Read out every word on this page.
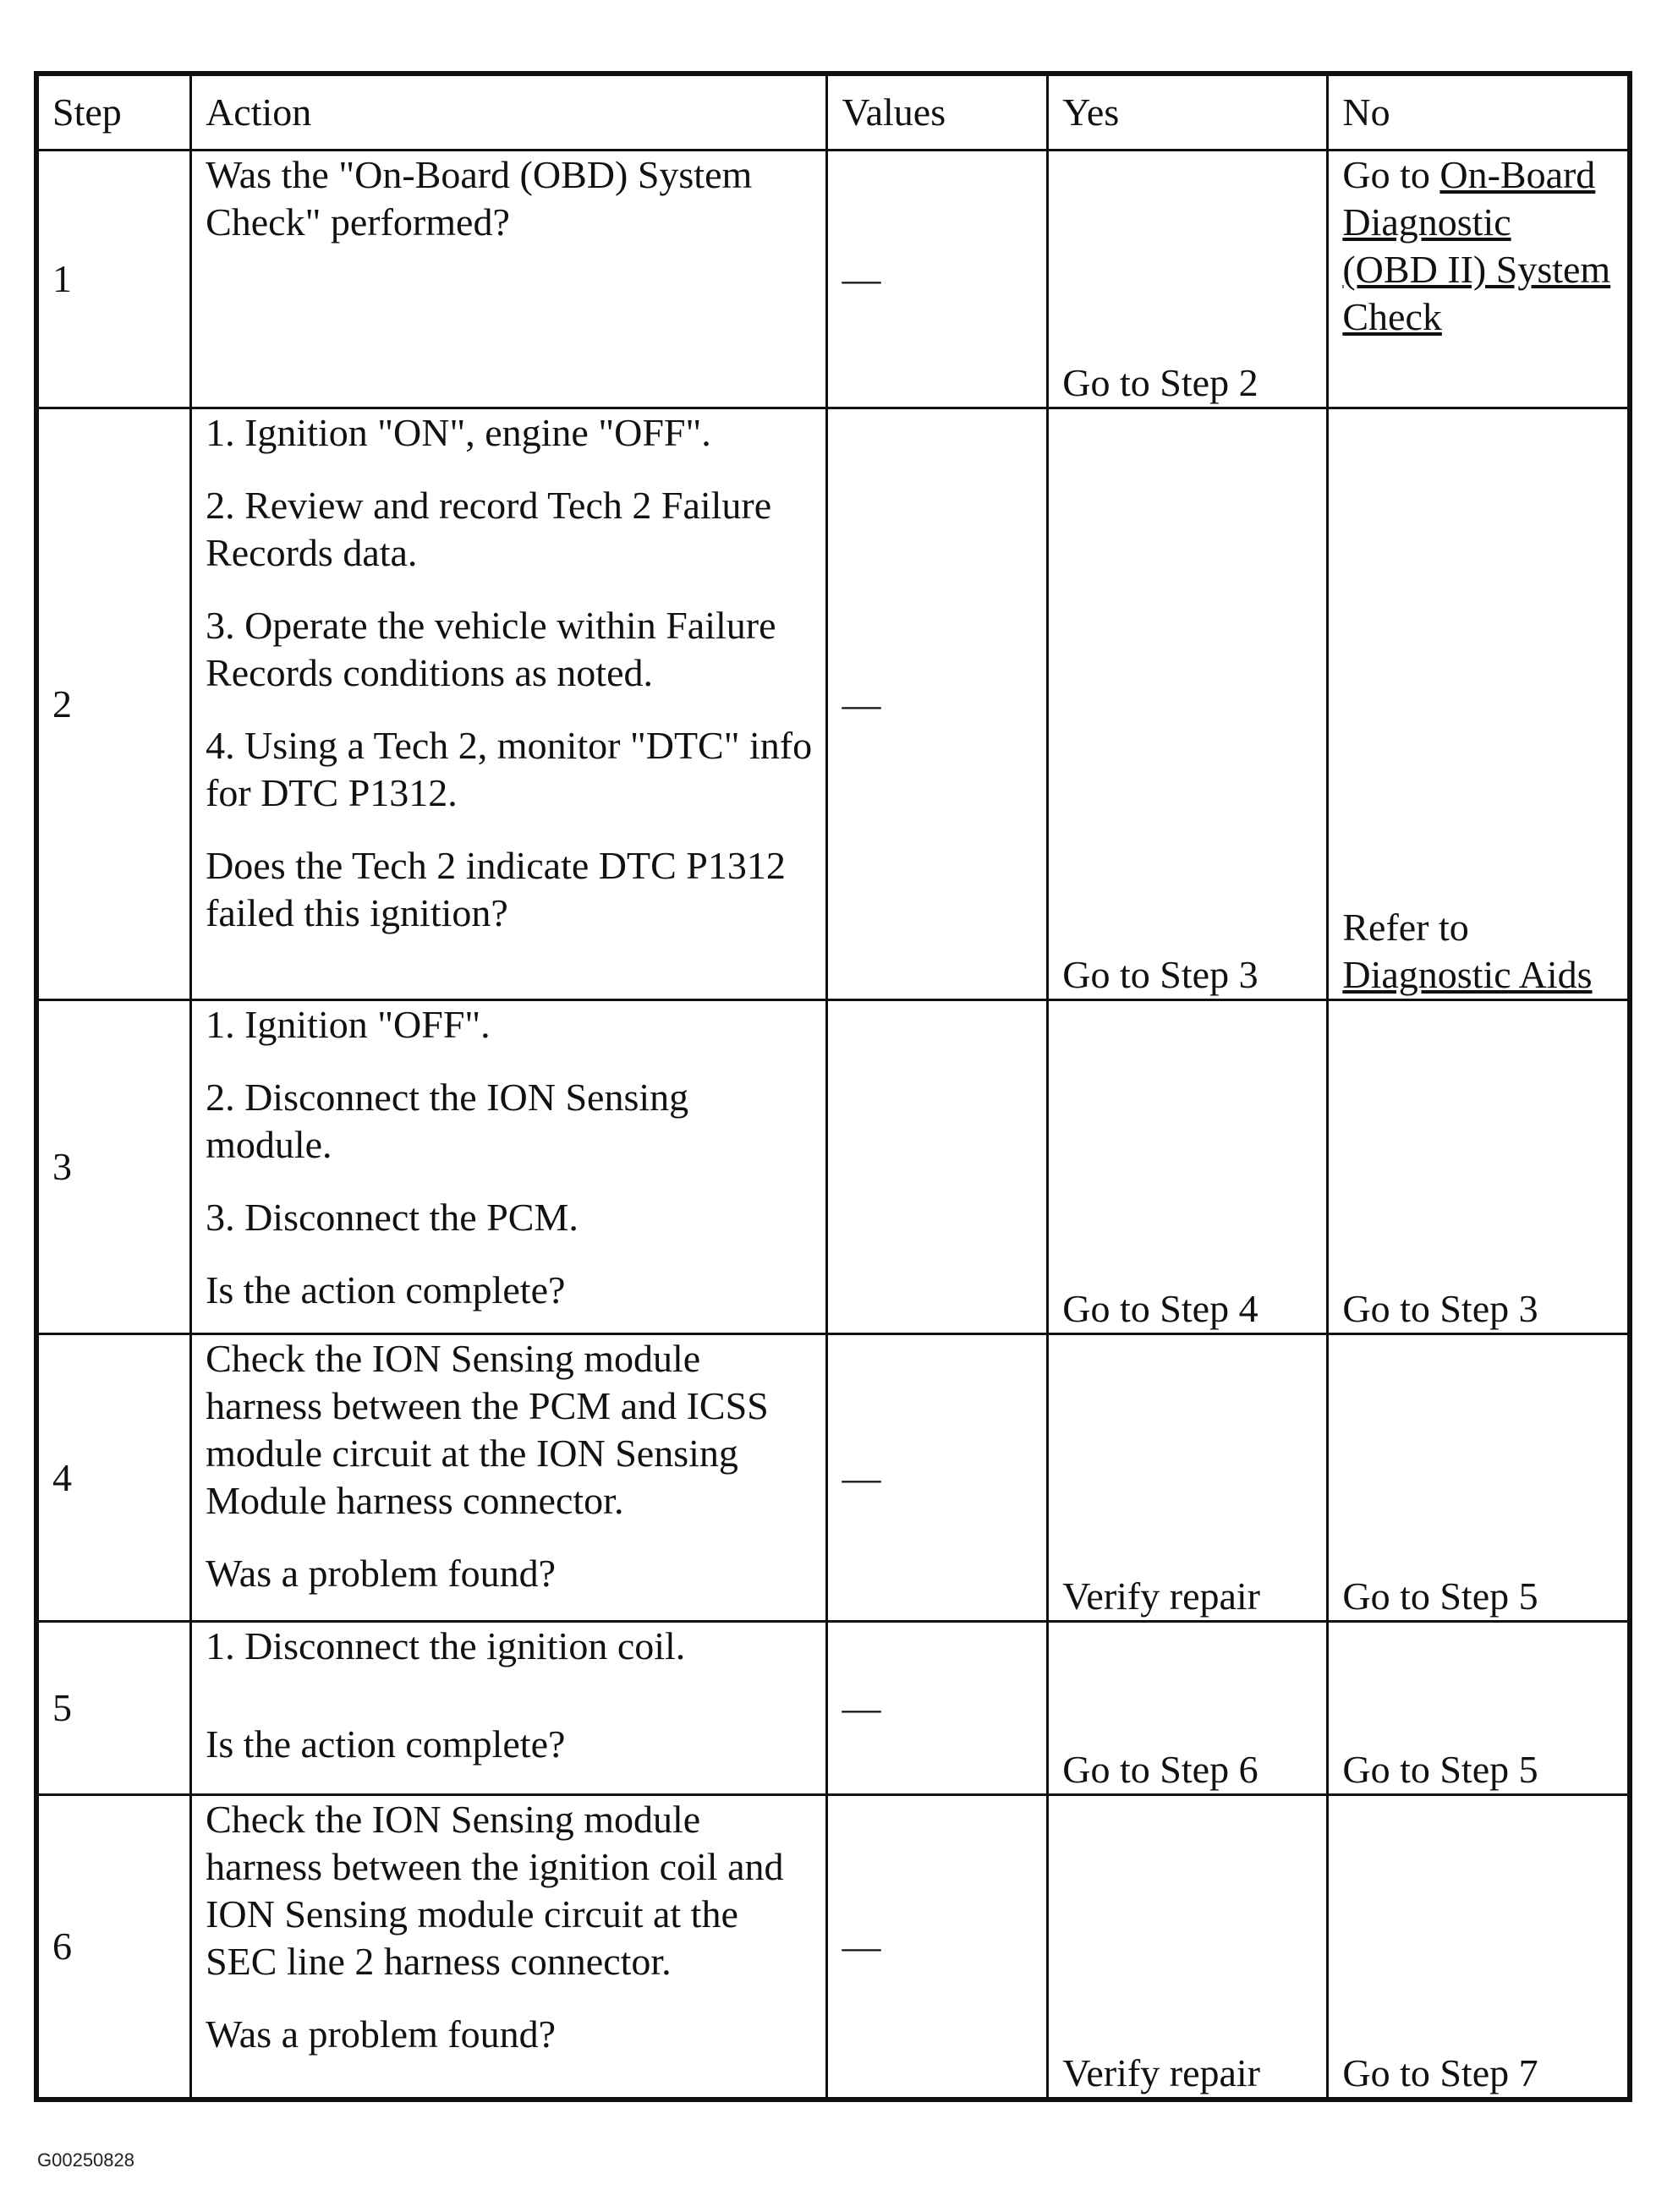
Step	Action	Values	Yes	No
1	Was the "On-Board (OBD) System Check" performed?	—	Go to Step 2	Go to On-Board Diagnostic (OBD II) System Check
2	1. Ignition "ON", engine "OFF".

2. Review and record Tech 2 Failure Records data.

3. Operate the vehicle within Failure Records conditions as noted.

4. Using a Tech 2, monitor "DTC" info for DTC P1312.

Does the Tech 2 indicate DTC P1312 failed this ignition?	—	Go to Step 3	Refer to Diagnostic Aids
3	1. Ignition "OFF".

2. Disconnect the ION Sensing module.

3. Disconnect the PCM.

Is the action complete?		Go to Step 4	Go to Step 3
4	Check the ION Sensing module harness between the PCM and ICSS module circuit at the ION Sensing Module harness connector.

Was a problem found?	—	Verify repair	Go to Step 5
5	1. Disconnect the ignition coil.

Is the action complete?	—	Go to Step 6	Go to Step 5
6	Check the ION Sensing module harness between the ignition coil and ION Sensing module circuit at the SEC line 2 harness connector.

Was a problem found?	—	Verify repair	Go to Step 7
G00250828
